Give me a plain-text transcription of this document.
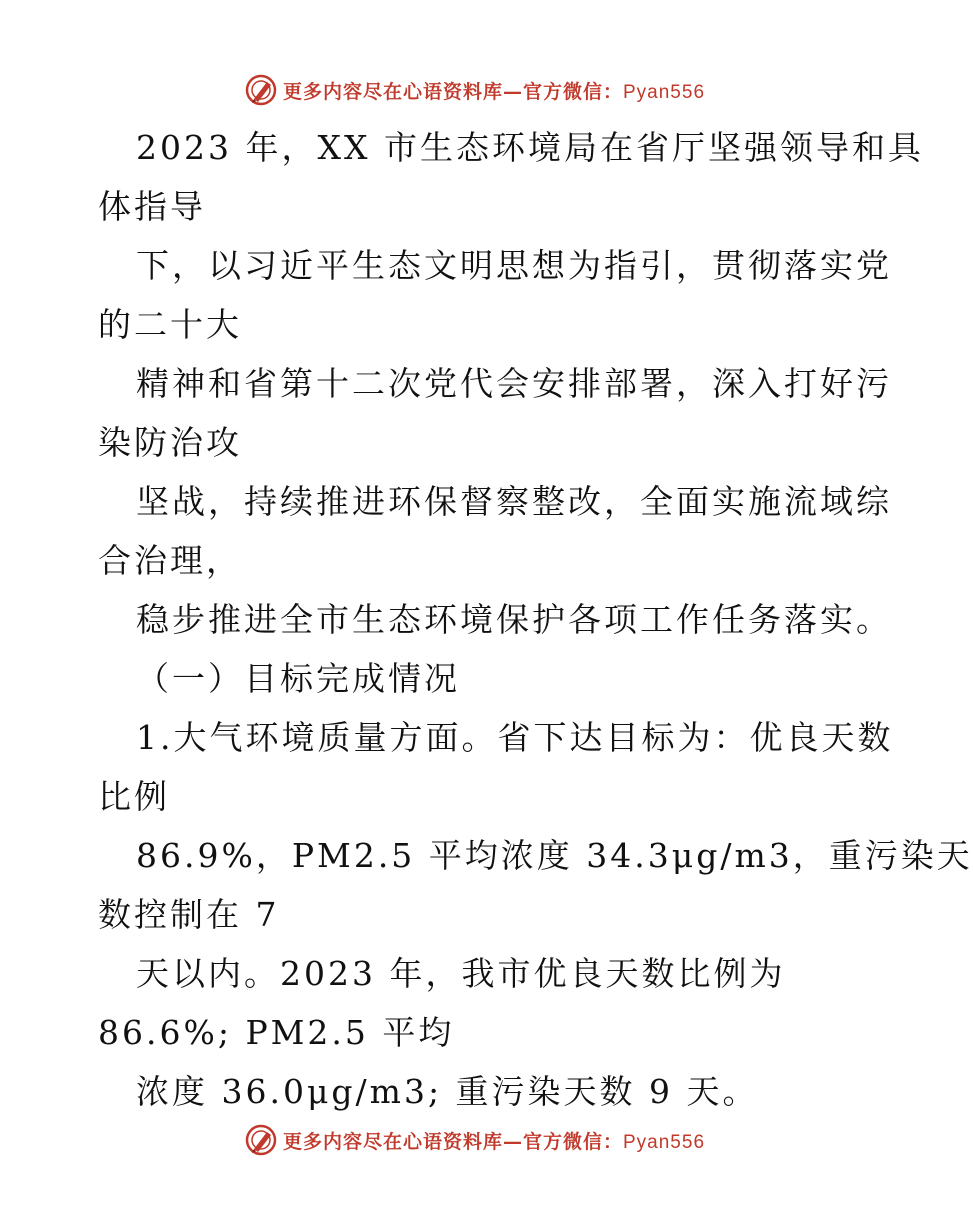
更多内容尽在心语资料库—官方微信：Pyan556
2023 年，XX 市生态环境局在省厅坚强领导和具
体指导
下，以习近平生态文明思想为指引，贯彻落实党
的二十大
精神和省第十二次党代会安排部署，深入打好污
染防治攻
坚战，持续推进环保督察整改，全面实施流域综
合治理，
稳步推进全市生态环境保护各项工作任务落实。
（一）目标完成情况
1.大气环境质量方面。省下达目标为：优良天数
比例
86.9%，PM2.5 平均浓度 34.3μg/m3，重污染天
数控制在 7
天以内。2023 年，我市优良天数比例为
86.6%; PM2.5 平均
浓度 36.0μg/m3; 重污染天数 9 天。
更多内容尽在心语资料库—官方微信：Pyan556
